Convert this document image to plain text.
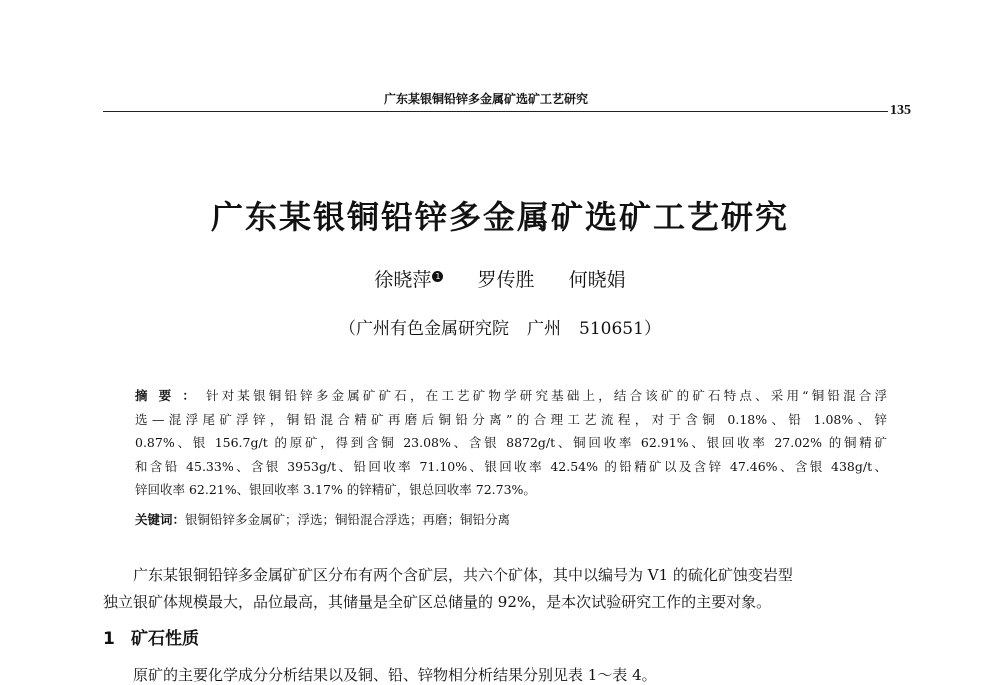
广东某银铜铅锌多金属矿选矿工艺研究
135
广东某银铜铅锌多金属矿选矿工艺研究
徐晓萍 1 罗传胜 何晓娟
（广州有色金属研究院 广州 510651）
摘要：针对某银铜铅锌多金属矿矿石，在工艺矿物学研究基础上，结合该矿的矿石特点、采用“铜铅混合浮
选—混浮尾矿浮锌，铜铅混合精矿再磨后铜铅分离”的合理工艺流程，对于含铜 0.18%、铅 1.08%、锌
0.87%、银 156.7g/t 的原矿，得到含铜 23.08%、含银 8872g/t、铜回收率 62.91%、银回收率 27.02% 的铜精矿
和含铅 45.33%、含银 3953g/t、铅回收率 71.10%、银回收率 42.54% 的铅精矿以及含锌 47.46%、含银 438g/t、
锌回收率 62.21%、银回收率 3.17% 的锌精矿，银总回收率 72.73%。
关键词：银铜铅锌多金属矿；浮选；铜铅混合浮选；再磨；铜铅分离
广东某银铜铅锌多金属矿矿区分布有两个含矿层，共六个矿体，其中以编号为 V1 的硫化矿蚀变岩型
独立银矿体规模最大，品位最高，其储量是全矿区总储量的 92%，是本次试验研究工作的主要对象。
1 矿石性质
原矿的主要化学成分分析结果以及铜、铅、锌物相分析结果分别见表 1～表 4。
